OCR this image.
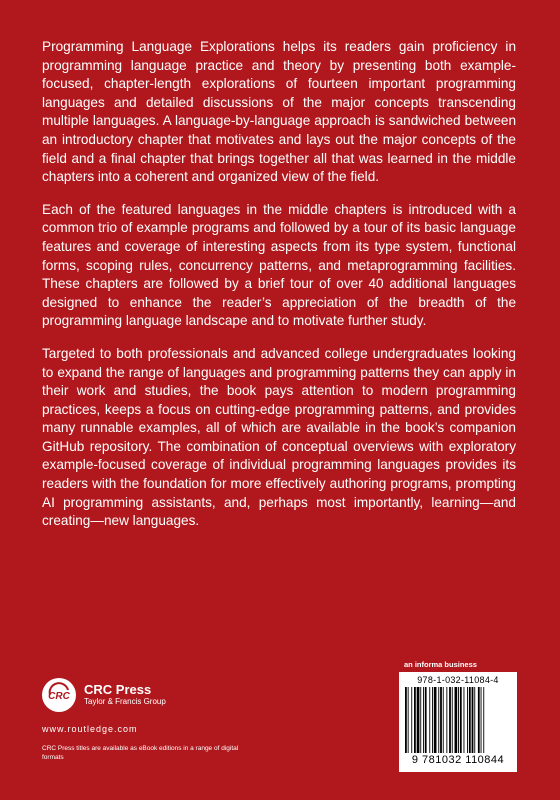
Programming Language Explorations helps its readers gain proficiency in programming language practice and theory by presenting both example-focused, chapter-length explorations of fourteen important programming languages and detailed discussions of the major concepts transcending multiple languages. A language-by-language approach is sandwiched between an introductory chapter that motivates and lays out the major concepts of the field and a final chapter that brings together all that was learned in the middle chapters into a coherent and organized view of the field.

Each of the featured languages in the middle chapters is introduced with a common trio of example programs and followed by a tour of its basic language features and coverage of interesting aspects from its type system, functional forms, scoping rules, concurrency patterns, and metaprogramming facilities. These chapters are followed by a brief tour of over 40 additional languages designed to enhance the reader’s appreciation of the breadth of the programming language landscape and to motivate further study.

Targeted to both professionals and advanced college undergraduates looking to expand the range of languages and programming patterns they can apply in their work and studies, the book pays attention to modern programming practices, keeps a focus on cutting-edge programming patterns, and provides many runnable examples, all of which are available in the book’s companion GitHub repository. The combination of conceptual overviews with exploratory example-focused coverage of individual programming languages provides its readers with the foundation for more effectively authoring programs, prompting AI programming assistants, and, perhaps most importantly, learning—and creating—new languages.

CRC CRC Press
Taylor & Francis Group
www.routledge.com
CRC Press titles are available as eBook editions in a range of digital formats
an informa business
978-1-032-11084-4
9 781032 110844
